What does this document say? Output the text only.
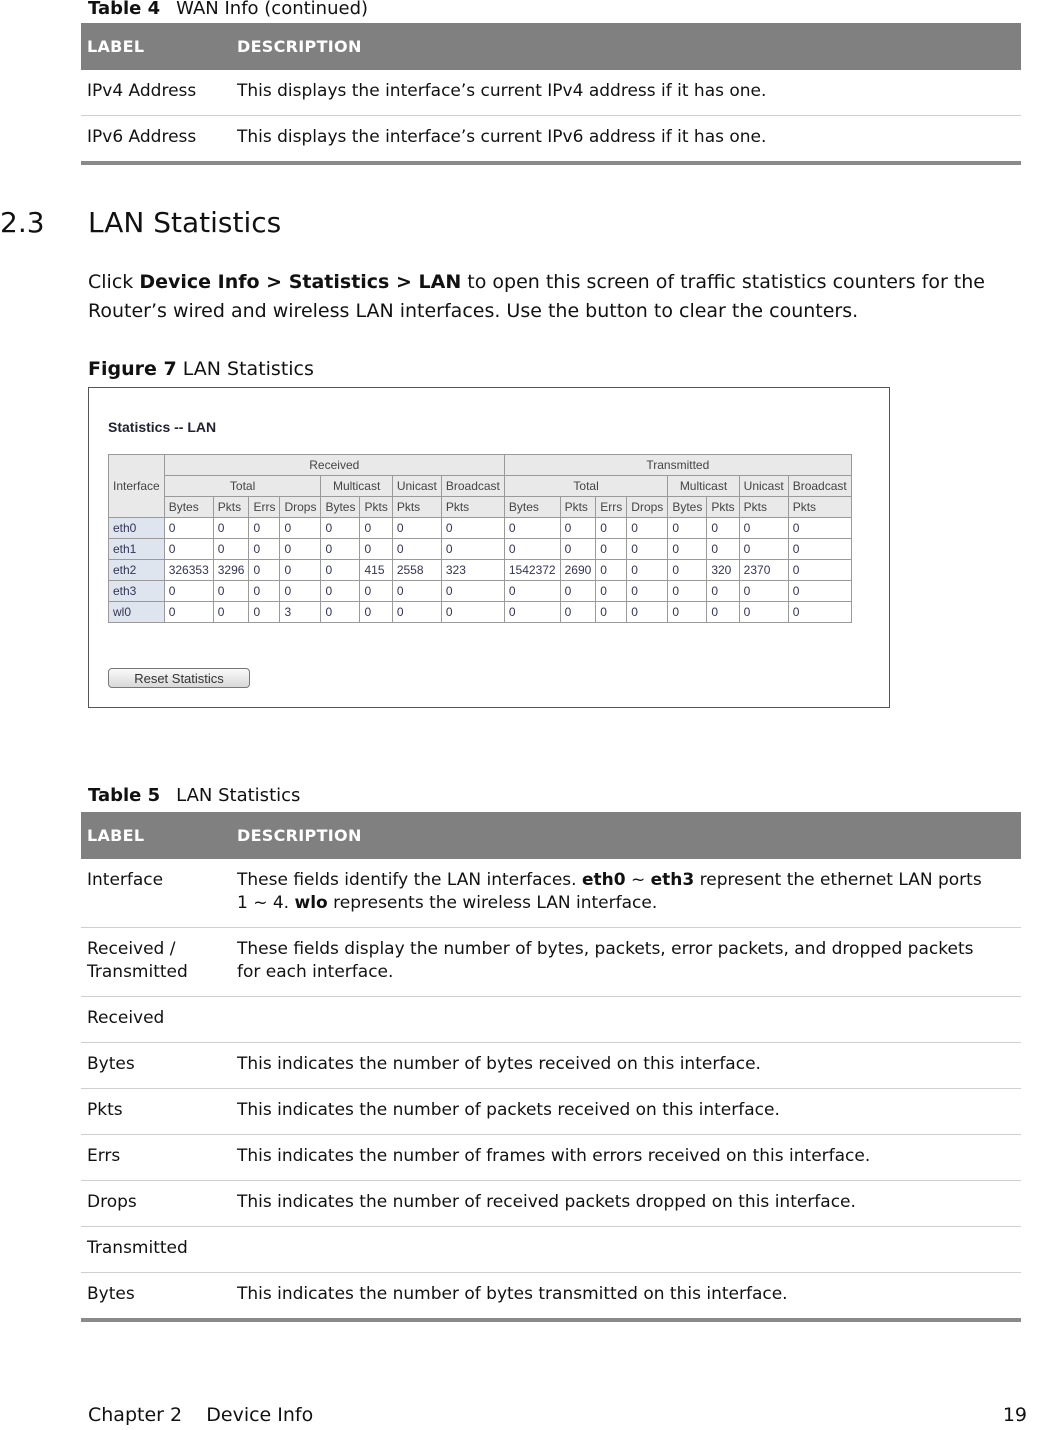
Table 4 WAN Info (continued)
LABEL	DESCRIPTION
IPv4 Address	This displays the interface’s current IPv4 address if it has one.
IPv6 Address	This displays the interface’s current IPv6 address if it has one.
2.3 LAN Statistics

Click Device Info > Statistics > LAN to open this screen of traffic statistics counters for the Router’s wired and wireless LAN interfaces. Use the button to clear the counters.

Figure 7 LAN Statistics
Statistics -- LAN
Interface	Received								Transmitted							
	Total				Multicast		Unicast	Broadcast	Total				Multicast		Unicast	Broadcast
	Bytes	Pkts	Errs	Drops	Bytes	Pkts	Pkts	Pkts	Bytes	Pkts	Errs	Drops	Bytes	Pkts	Pkts	Pkts
eth0	0	0	0	0	0	0	0	0	0	0	0	0	0	0	0	0
eth1	0	0	0	0	0	0	0	0	0	0	0	0	0	0	0	0
eth2	326353	3296	0	0	0	415	2558	323	1542372	2690	0	0	0	320	2370	0
eth3	0	0	0	0	0	0	0	0	0	0	0	0	0	0	0	0
wl0	0	0	0	3	0	0	0	0	0	0	0	0	0	0	0	0
Reset Statistics
Table 5 LAN Statistics
LABEL	DESCRIPTION
Interface	These fields identify the LAN interfaces. eth0 ~ eth3 represent the ethernet LAN ports 1 ~ 4. wlo represents the wireless LAN interface.
Received / Transmitted	These fields display the number of bytes, packets, error packets, and dropped packets for each interface.
Received	
Bytes	This indicates the number of bytes received on this interface.
Pkts	This indicates the number of packets received on this interface.
Errs	This indicates the number of frames with errors received on this interface.
Drops	This indicates the number of received packets dropped on this interface.
Transmitted	
Bytes	This indicates the number of bytes transmitted on this interface.
Chapter 2 Device Info	19
